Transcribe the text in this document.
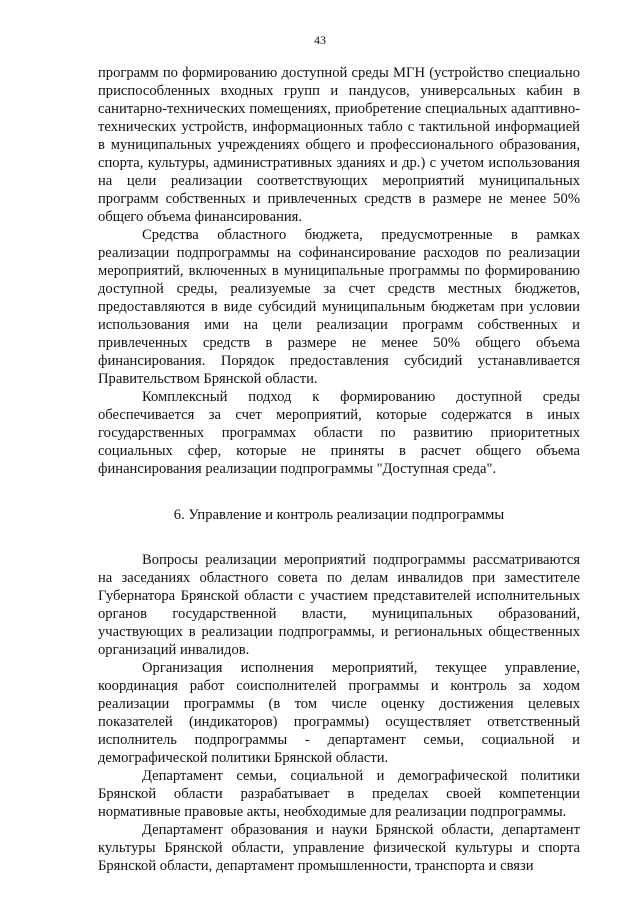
43

программ по формированию доступной среды МГН (устройство специально приспособленных входных групп и пандусов, универсальных кабин в санитарно-технических помещениях, приобретение специальных адаптивно-технических устройств, информационных табло с тактильной информацией в муниципальных учреждениях общего и профессионального образования, спорта, культуры, административных зданиях и др.) с учетом использования на цели реализации соответствующих мероприятий муниципальных программ собственных и привлеченных средств в размере не менее 50% общего объема финансирования.

Средства областного бюджета, предусмотренные в рамках реализации подпрограммы на софинансирование расходов по реализации мероприятий, включенных в муниципальные программы по формированию доступной среды, реализуемые за счет средств местных бюджетов, предоставляются в виде субсидий муниципальным бюджетам при условии использования ими на цели реализации программ собственных и привлеченных средств в размере не менее 50% общего объема финансирования. Порядок предоставления субсидий устанавливается Правительством Брянской области.

Комплексный подход к формированию доступной среды обеспечивается за счет мероприятий, которые содержатся в иных государственных программах области по развитию приоритетных социальных сфер, которые не приняты в расчет общего объема финансирования реализации подпрограммы "Доступная среда".

6. Управление и контроль реализации подпрограммы

Вопросы реализации мероприятий подпрограммы рассматриваются на заседаниях областного совета по делам инвалидов при заместителе Губернатора Брянской области с участием представителей исполнительных органов государственной власти, муниципальных образований, участвующих в реализации подпрограммы, и региональных общественных организаций инвалидов.

Организация исполнения мероприятий, текущее управление, координация работ соисполнителей программы и контроль за ходом реализации программы (в том числе оценку достижения целевых показателей (индикаторов) программы) осуществляет ответственный исполнитель подпрограммы - департамент семьи, социальной и демографической политики Брянской области.

Департамент семьи, социальной и демографической политики Брянской области разрабатывает в пределах своей компетенции нормативные правовые акты, необходимые для реализации подпрограммы.

Департамент образования и науки Брянской области, департамент культуры Брянской области, управление физической культуры и спорта Брянской области, департамент промышленности, транспорта и связи
